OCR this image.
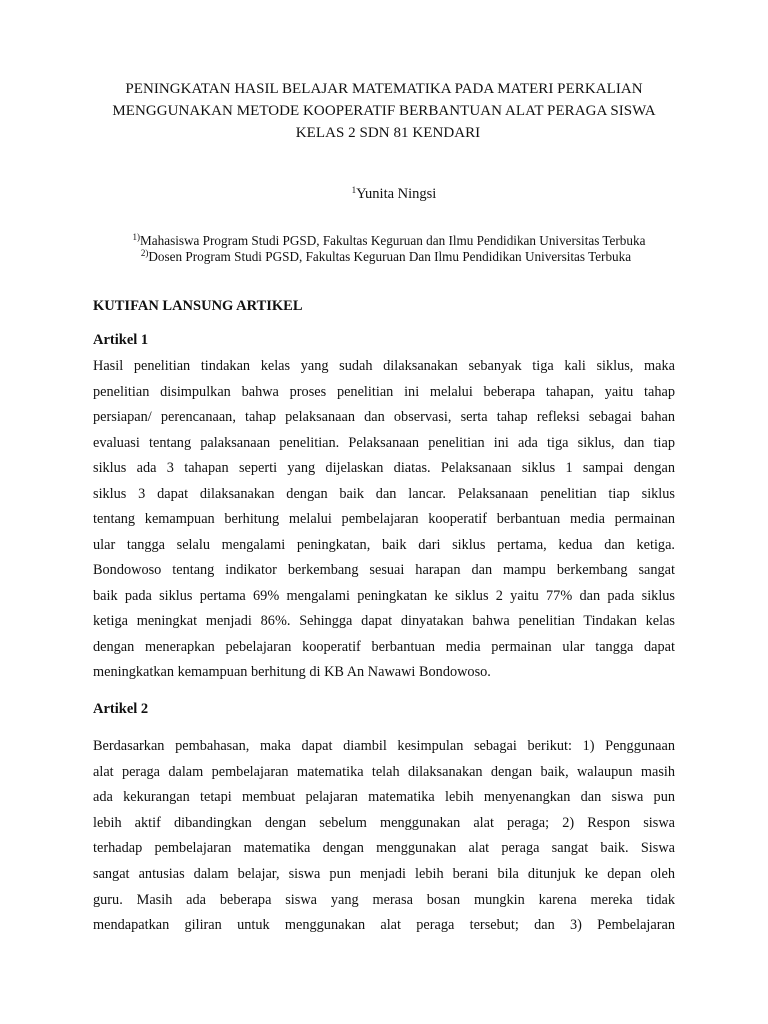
PENINGKATAN HASIL BELAJAR MATEMATIKA PADA MATERI PERKALIAN
MENGGUNAKAN METODE KOOPERATIF BERBANTUAN ALAT PERAGA SISWA
KELAS 2 SDN 81 KENDARI
$^1$Yunita Ningsi
$^{1)}$Mahasiswa Program Studi PGSD, Fakultas Keguruan dan Ilmu Pendidikan Universitas Terbuka
$^{2)}$Dosen Program Studi PGSD, Fakultas Keguruan Dan Ilmu Pendidikan Universitas Terbuka
KUTIFAN LANSUNG ARTIKEL
Artikel 1
Hasil penelitian tindakan kelas yang sudah dilaksanakan sebanyak tiga kali siklus, maka
penelitian disimpulkan bahwa proses penelitian ini melalui beberapa tahapan, yaitu tahap
persiapan/ perencanaan, tahap pelaksanaan dan observasi, serta tahap refleksi sebagai bahan
evaluasi tentang palaksanaan penelitian. Pelaksanaan penelitian ini ada tiga siklus, dan tiap
siklus ada 3 tahapan seperti yang dijelaskan diatas. Pelaksanaan siklus 1 sampai dengan
siklus 3 dapat dilaksanakan dengan baik dan lancar. Pelaksanaan penelitian tiap siklus
tentang kemampuan berhitung melalui pembelajaran kooperatif berbantuan media permainan
ular tangga selalu mengalami peningkatan, baik dari siklus pertama, kedua dan ketiga.
Bondowoso tentang indikator berkembang sesuai harapan dan mampu berkembang sangat
baik pada siklus pertama 69% mengalami peningkatan ke siklus 2 yaitu 77% dan pada siklus
ketiga meningkat menjadi 86%. Sehingga dapat dinyatakan bahwa penelitian Tindakan kelas
dengan menerapkan pebelajaran kooperatif berbantuan media permainan ular tangga dapat
meningkatkan kemampuan berhitung di KB An Nawawi Bondowoso.
Artikel 2
Berdasarkan pembahasan, maka dapat diambil kesimpulan sebagai berikut: 1) Penggunaan
alat peraga dalam pembelajaran matematika telah dilaksanakan dengan baik, walaupun masih
ada kekurangan tetapi membuat pelajaran matematika lebih menyenangkan dan siswa pun
lebih aktif dibandingkan dengan sebelum menggunakan alat peraga; 2) Respon siswa
terhadap pembelajaran matematika dengan menggunakan alat peraga sangat baik. Siswa
sangat antusias dalam belajar, siswa pun menjadi lebih berani bila ditunjuk ke depan oleh
guru. Masih ada beberapa siswa yang merasa bosan mungkin karena mereka tidak
mendapatkan giliran untuk menggunakan alat peraga tersebut; dan 3) Pembelajaran
